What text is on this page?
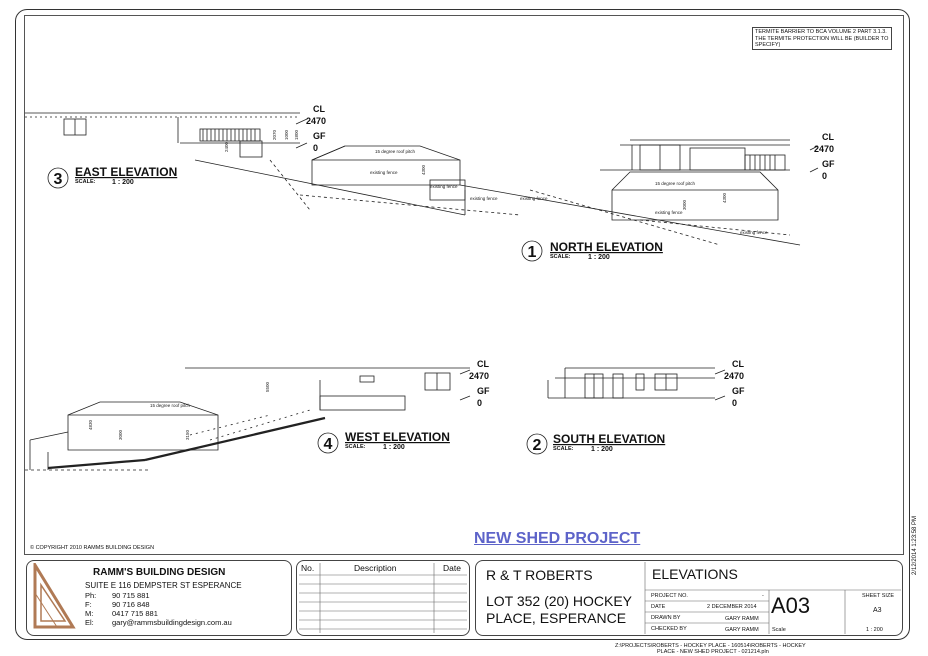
TERMITE BARRIER TO BCA VOLUME 2 PART 3.1.3. THE TERMITE PROTECTION WILL BE (BUILDER TO SPECIFY)
15 degree roof pitch
existing fence
existing fence
existing fence	existing fence
15 degree roof pitch
existing fence
existing fence
15 degree roof pitch
2400
4300
4300
3000
3000	3150
4830
5500
2070 1000 1800
3
1
4	2
EAST ELEVATION
SCALE: 1 : 200
NORTH ELEVATION
SCALE:	1 : 200
WEST ELEVATION
SCALE:	1 : 200
SOUTH ELEVATION
SCALE:	1 : 200
CL
2470
GF
0
CL
2470
GF
0
CL
2470
GF
0
CL
2470
GF
0
© COPYRIGHT 2010 RAMMS BUILDING DESIGN
NEW SHED PROJECT
RAMM'S BUILDING DESIGN
SUITE E 116 DEMPSTER ST ESPERANCE
Ph: 90 715 881
F:	90 716 848
M: 0417 715 881
El: gary@rammsbuildingdesign.com.au
No.	Description	Date R & T ROBERTS
LOT 352 (20) HOCKEY
PLACE, ESPERANCE
ELEVATIONS
PROJECT NO.	-
DATE	2 DECEMBER 2014
DRAWN BY	GARY RAMM
CHECKED BY	GARY RAMM
A03
Scale
SHEET SIZE
A3
1 : 200
Z:\PROJECTS\ROBERTS - HOCKEY PLACE - 160514\ROBERTS - HOCKEY
PLACE - NEW SHED PROJECT - 021214.pln
2/12/2014 1:23:58 PM
